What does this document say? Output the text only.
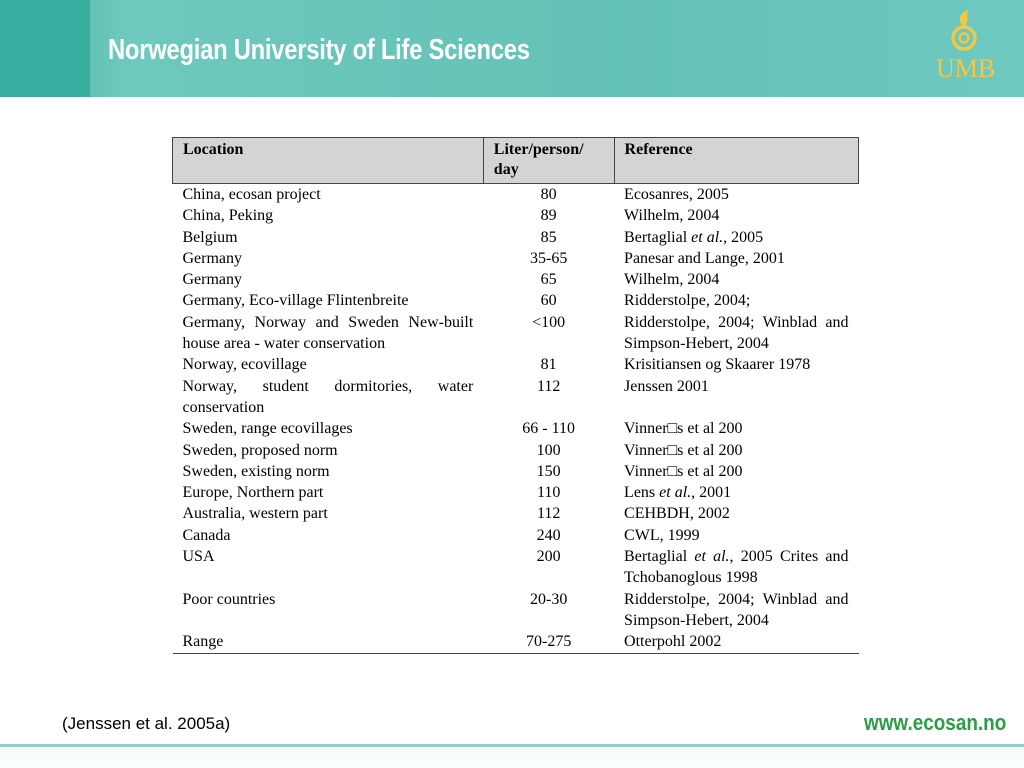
Norwegian University of Life Sciences
UMB
Location	Liter/person/ day	Reference
China, ecosan project	80	Ecosanres, 2005
China, Peking	89	Wilhelm, 2004
Belgium	85	Bertaglial et al., 2005
Germany	35-65	Panesar and Lange, 2001
Germany	65	Wilhelm, 2004
Germany, Eco-village Flintenbreite	60	Ridderstolpe, 2004;
Germany, Norway and Sweden New-built house area - water conservation	<100	Ridderstolpe, 2004; Winblad and Simpson-Hebert, 2004
Norway, ecovillage	81	Krisitiansen og Skaarer 1978
Norway, student dormitories, water conservation	112	Jenssen 2001
Sweden, range ecovillages	66 - 110	Vinner□s et al 200
Sweden, proposed norm	100	Vinner□s et al 200
Sweden, existing norm	150	Vinner□s et al 200
Europe, Northern part	110	Lens et al., 2001
Australia, western part	112	CEHBDH, 2002
Canada	240	CWL, 1999
USA	200	Bertaglial et al., 2005 Crites and Tchobanoglous 1998
Poor countries	20-30	Ridderstolpe, 2004; Winblad and Simpson-Hebert, 2004
Range	70-275	Otterpohl 2002
(Jenssen et al. 2005a)	www.ecosan.no
